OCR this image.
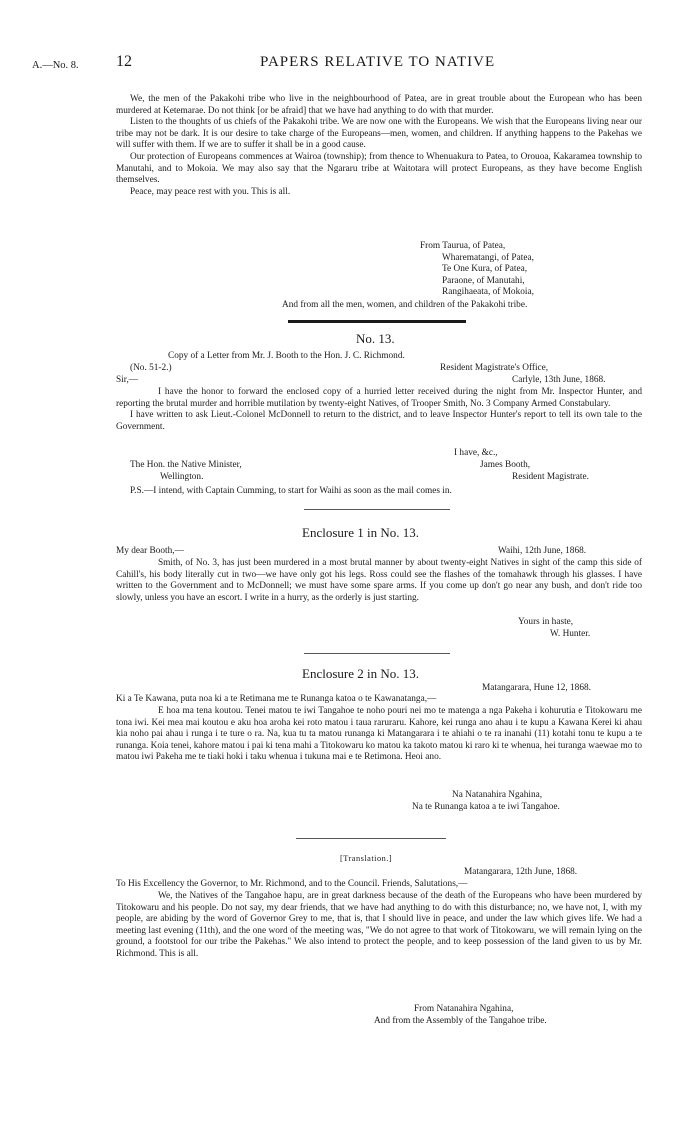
A.—No. 8. 12	PAPERS RELATIVE TO NATIVE

We, the men of the Pakakohi tribe who live in the neighbourhood of Patea, are in great trouble about the European who has been murdered at Ketemarae. Do not think [or be afraid] that we have had anything to do with that murder.

Listen to the thoughts of us chiefs of the Pakakohi tribe. We are now one with the Europeans. We wish that the Europeans living near our tribe may not be dark. It is our desire to take charge of the Europeans—men, women, and children. If anything happens to the Pakehas we will suffer with them. If we are to suffer it shall be in a good cause.

Our protection of Europeans commences at Wairoa (township); from thence to Whenuakura to Patea, to Orouoa, Kakaramea township to Manutahi, and to Mokoia. We may also say that the Ngararu tribe at Waitotara will protect Europeans, as they have become English themselves.

Peace, may peace rest with you. This is all.

From Taurua, of Patea,

Wharematangi, of Patea,

Te One Kura, of Patea,

Paraone, of Manutahi,

Rangihaeata, of Mokoia,

And from all the men, women, and children of the Pakakohi tribe.
No. 13.
Copy of a Letter from Mr. J. Booth to the Hon. J. C. Richmond.
(No. 51-2.)	Resident Magistrate's Office,
Sir,—	Carlyle, 13th June, 1868.

I have the honor to forward the enclosed copy of a hurried letter received during the night from Mr. Inspector Hunter, and reporting the brutal murder and horrible mutilation by twenty-eight Natives, of Trooper Smith, No. 3 Company Armed Constabulary.

I have written to ask Lieut.-Colonel McDonnell to return to the district, and to leave Inspector Hunter's report to tell its own tale to the Government.

I have, &c.,
The Hon. the Native Minister,	James Booth,
Wellington.	Resident Magistrate.
P.S.—I intend, with Captain Cumming, to start for Waihi as soon as the mail comes in.
Enclosure 1 in No. 13.
My dear Booth,—	Waihi, 12th June, 1868.

Smith, of No. 3, has just been murdered in a most brutal manner by about twenty-eight Natives in sight of the camp this side of Cahill's, his body literally cut in two—we have only got his legs. Ross could see the flashes of the tomahawk through his glasses. I have written to the Government and to McDonnell; we must have some spare arms. If you come up don't go near any bush, and don't ride too slowly, unless you have an escort. I write in a hurry, as the orderly is just starting.

Yours in haste,
W. Hunter.
Enclosure 2 in No. 13.
Matangarara, Hune 12, 1868.
Ki a Te Kawana, puta noa ki a te Retimana me te Runanga katoa o te Kawanatanga,—

E hoa ma tena koutou. Tenei matou te iwi Tangahoe te noho pouri nei mo te matenga a nga Pakeha i kohurutia e Titokowaru me tona iwi. Kei mea mai koutou e aku hoa aroha kei roto matou i taua raruraru. Kahore, kei runga ano ahau i te kupu a Kawana Kerei ki ahau kia noho pai ahau i runga i te ture o ra. Na, kua tu ta matou runanga ki Matangarara i te ahiahi o te ra inanahi (11) kotahi tonu te kupu a te runanga. Koia tenei, kahore matou i pai ki tena mahi a Titokowaru ko matou ka takoto matou ki raro ki te whenua, hei turanga waewae mo to matou iwi Pakeha me te tiaki hoki i taku whenua i tukuna mai e te Retimona. Heoi ano.

Na Natanahira Ngahina,
Na te Runanga katoa a te iwi Tangahoe.
[Translation.]
Matangarara, 12th June, 1868.
To His Excellency the Governor, to Mr. Richmond, and to the Council. Friends, Salutations,—

We, the Natives of the Tangahoe hapu, are in great darkness because of the death of the Europeans who have been murdered by Titokowaru and his people. Do not say, my dear friends, that we have had anything to do with this disturbance; no, we have not, I, with my people, are abiding by the word of Governor Grey to me, that is, that I should live in peace, and under the law which gives life. We had a meeting last evening (11th), and the one word of the meeting was, "We do not agree to that work of Titokowaru, we will remain lying on the ground, a footstool for our tribe the Pakehas." We also intend to protect the people, and to keep possession of the land given to us by Mr. Richmond. This is all.

From Natanahira Ngahina,
And from the Assembly of the Tangahoe tribe.
